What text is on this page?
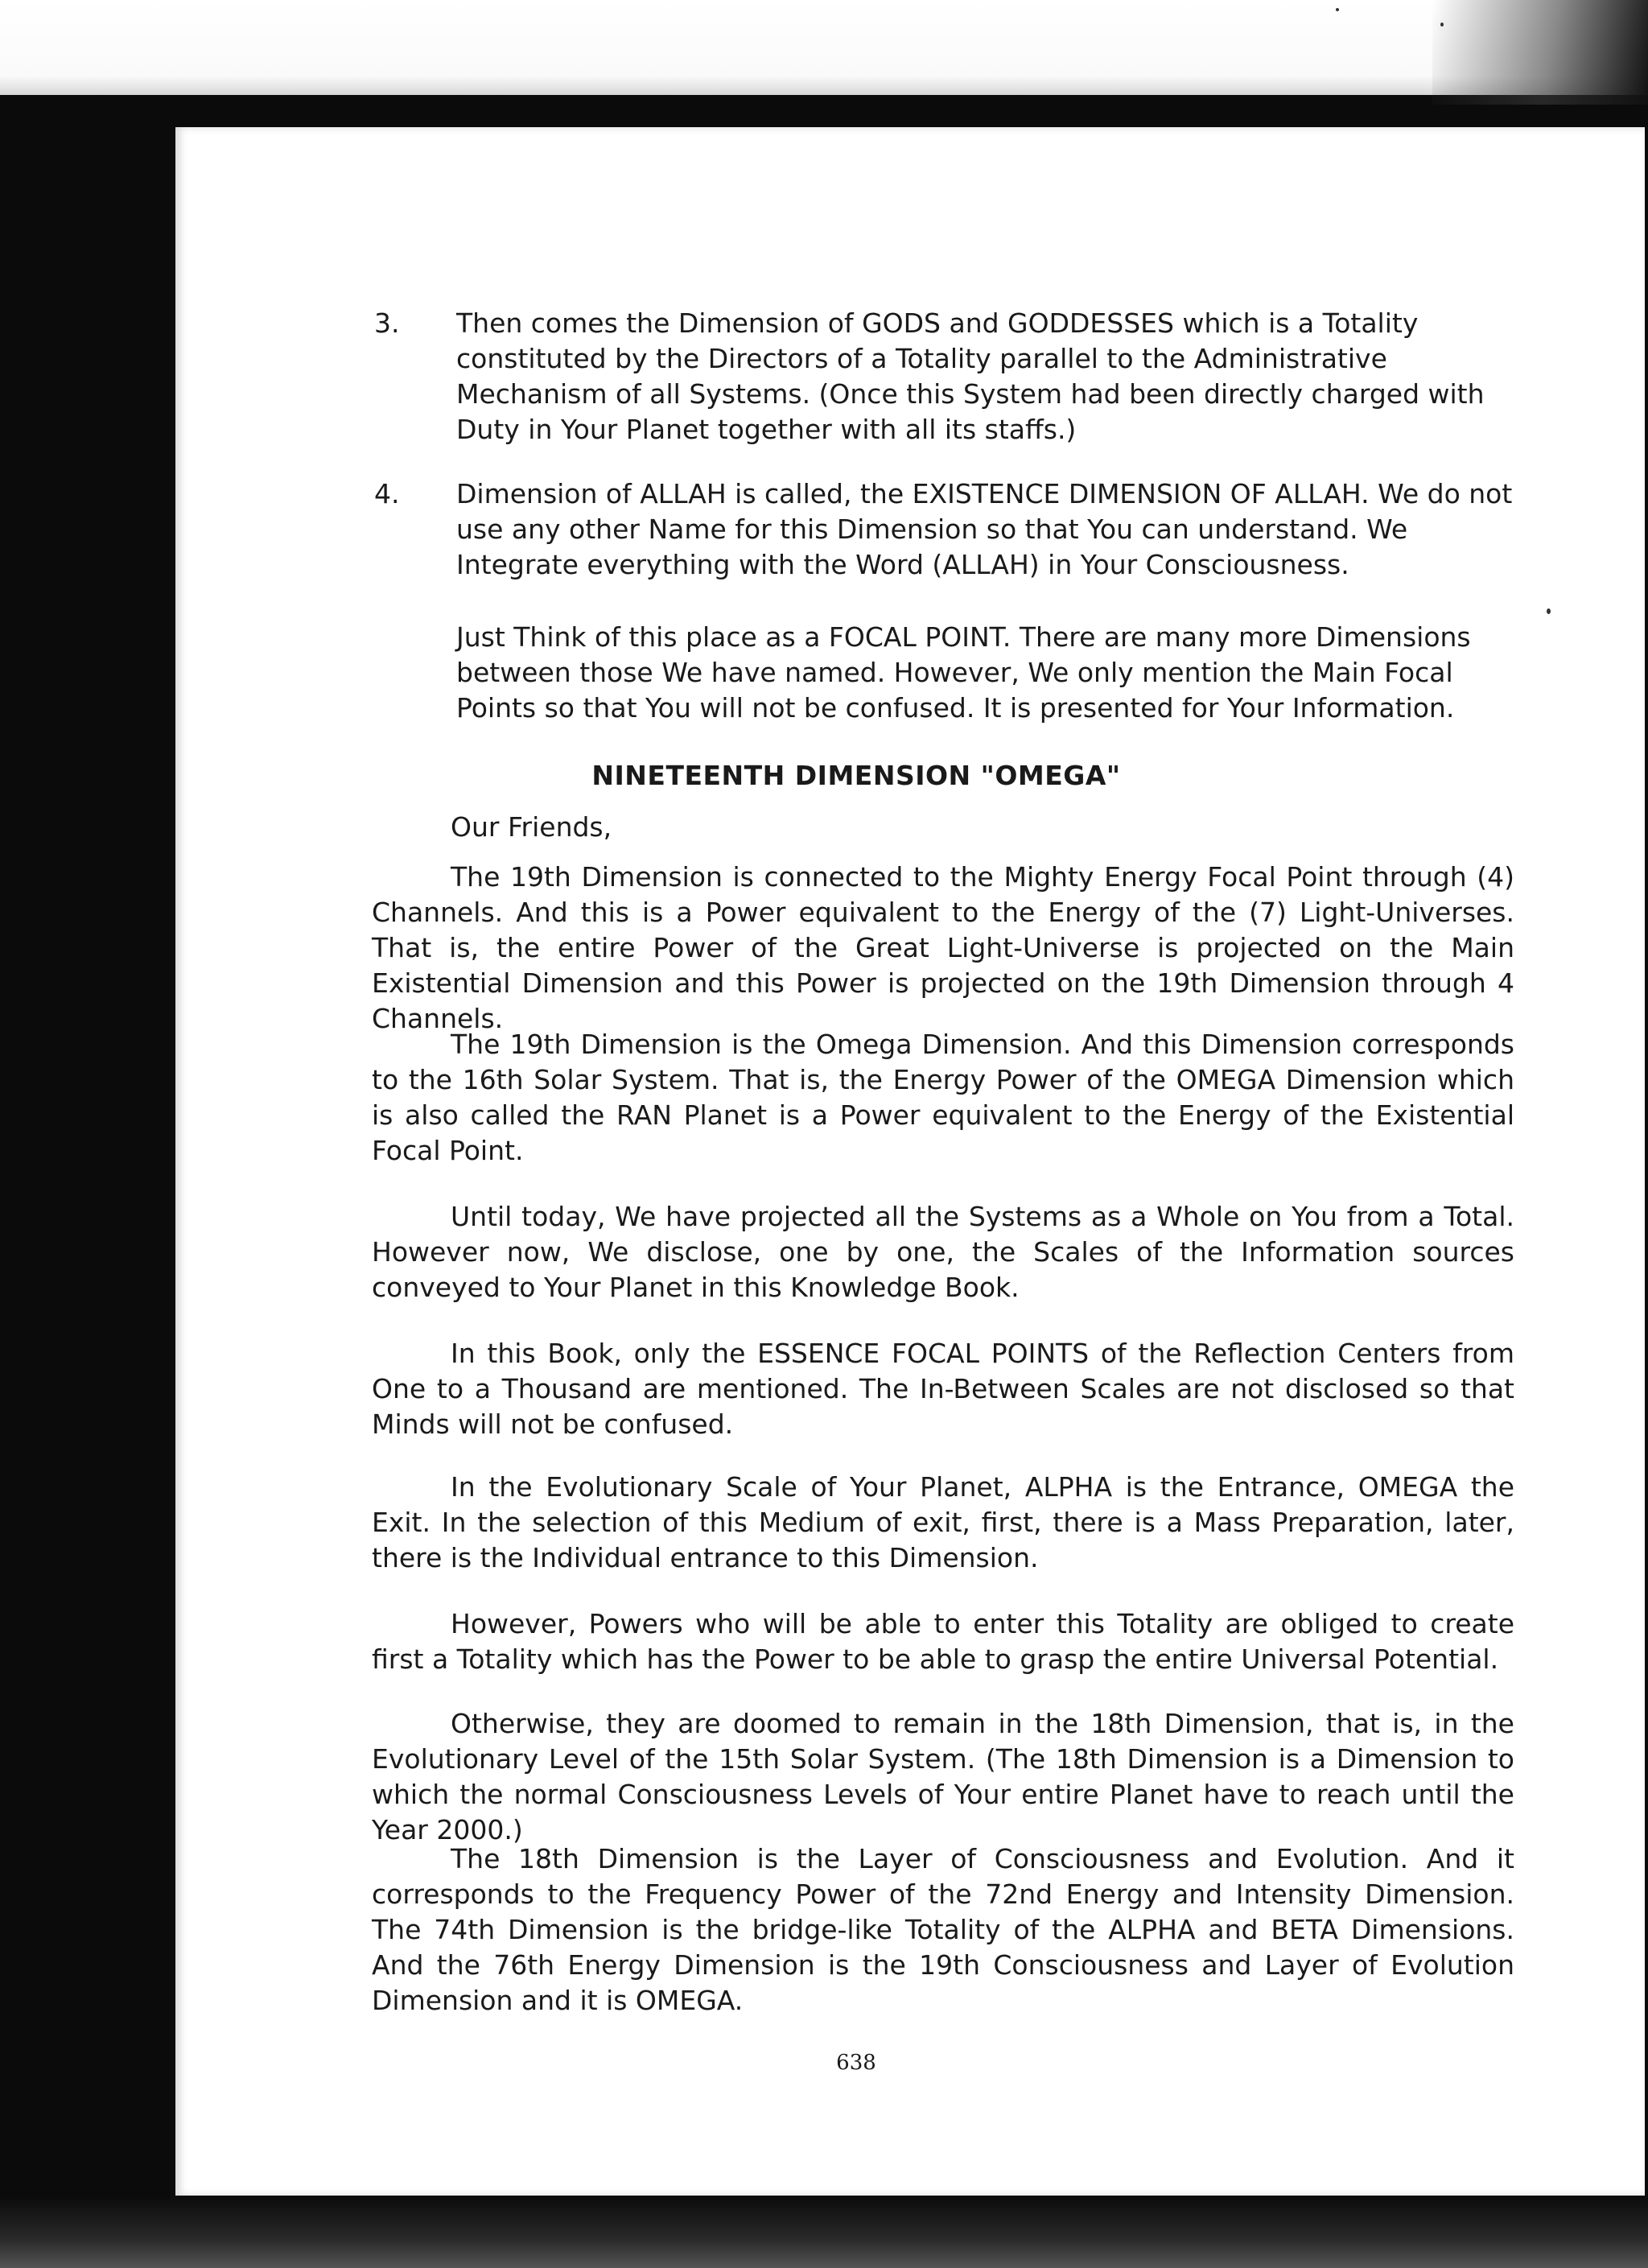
3. Then comes the Dimension of GODS and GODDESSES which is a Totality constituted by the Directors of a Totality parallel to the Administrative Mechanism of all Systems. (Once this System had been directly charged with Duty in Your Planet together with all its staffs.)
4. Dimension of ALLAH is called, the EXISTENCE DIMENSION OF ALLAH. We do not use any other Name for this Dimension so that You can understand. We Integrate everything with the Word (ALLAH) in Your Consciousness.
Just Think of this place as a FOCAL POINT. There are many more Dimensions between those We have named. However, We only mention the Main Focal Points so that You will not be confused. It is presented for Your Information.
NINETEENTH DIMENSION "OMEGA"
Our Friends,
The 19th Dimension is connected to the Mighty Energy Focal Point through (4) Channels. And this is a Power equivalent to the Energy of the (7) Light-Universes. That is, the entire Power of the Great Light-Universe is projected on the Main Existential Dimension and this Power is projected on the 19th Dimension through 4 Channels.
The 19th Dimension is the Omega Dimension. And this Dimension corresponds to the 16th Solar System. That is, the Energy Power of the OMEGA Dimension which is also called the RAN Planet is a Power equivalent to the Energy of the Existential Focal Point.
Until today, We have projected all the Systems as a Whole on You from a Total. However now, We disclose, one by one, the Scales of the Information sources conveyed to Your Planet in this Knowledge Book.
In this Book, only the ESSENCE FOCAL POINTS of the Reflection Centers from One to a Thousand are mentioned. The In-Between Scales are not disclosed so that Minds will not be confused.
In the Evolutionary Scale of Your Planet, ALPHA is the Entrance, OMEGA the Exit. In the selection of this Medium of exit, first, there is a Mass Preparation, later, there is the Individual entrance to this Dimension.
However, Powers who will be able to enter this Totality are obliged to create first a Totality which has the Power to be able to grasp the entire Universal Potential.
Otherwise, they are doomed to remain in the 18th Dimension, that is, in the Evolutionary Level of the 15th Solar System. (The 18th Dimension is a Dimension to which the normal Consciousness Levels of Your entire Planet have to reach until the Year 2000.)
The 18th Dimension is the Layer of Consciousness and Evolution. And it corresponds to the Frequency Power of the 72nd Energy and Intensity Dimension. The 74th Dimension is the bridge-like Totality of the ALPHA and BETA Dimensions. And the 76th Energy Dimension is the 19th Consciousness and Layer of Evolution Dimension and it is OMEGA.
638
